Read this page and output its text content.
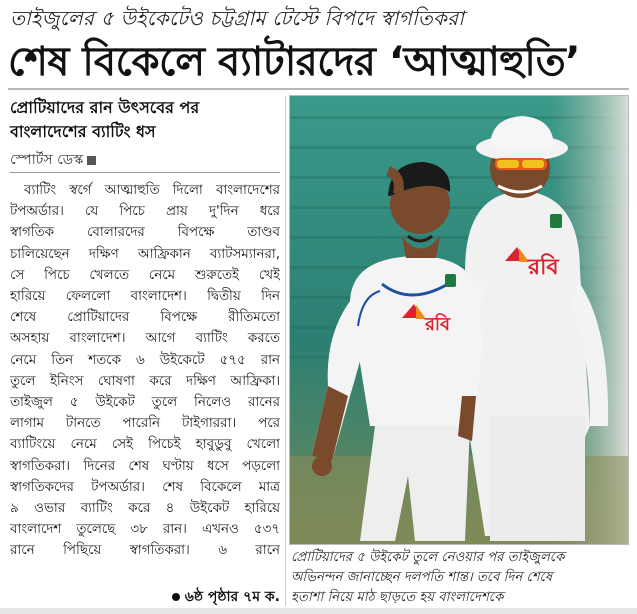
তাইজুলের ৫ উইকেটেও চট্টগ্রাম টেস্টে বিপদে স্বাগতিকরা
শেষ বিকেলে ব্যাটারদের ‘আত্মাহুতি’
প্রোটিয়াদের রান উৎসবের পর
বাংলাদেশের ব্যাটিং ধস
স্পোর্টস ডেস্ক
ব্যাটিং স্বর্গে আত্মাহুতি দিলো বাংলাদেশের
টপঅর্ডার। যে পিচে প্রায় দু'দিন ধরে
স্বাগতিক বোলারদের বিপক্ষে তাণ্ডব
চালিয়েছেন দক্ষিণ আফ্রিকান ব্যাটসম্যানরা,
সে পিচে খেলতে নেমে শুরুতেই খেই
হারিয়ে ফেললো বাংলাদেশ। দ্বিতীয় দিন
শেষে প্রোটিয়াদের বিপক্ষে রীতিমতো
অসহায় বাংলাদেশ। আগে ব্যাটিং করতে
নেমে তিন শতকে ৬ উইকেটে ৫৭৫ রান
তুলে ইনিংস ঘোষণা করে দক্ষিণ আফ্রিকা।
তাইজুল ৫ উইকেট তুলে নিলেও রানের
লাগাম টানতে পারেনি টাইগাররা। পরে
ব্যাটিংয়ে নেমে সেই পিচেই হাবুডুবু খেলো
স্বাগতিকরা। দিনের শেষ ঘণ্টায় ধসে পড়লো
স্বাগতিকদের টপঅর্ডার। শেষ বিকেলে মাত্র
৯ ওভার ব্যাটিং করে ৪ উইকেট হারিয়ে
বাংলাদেশ তুলেছে ৩৮ রান। এখনও ৫৩৭
রানে পিছিয়ে স্বাগতিকরা। ৬ রানে
৬ষ্ঠ পৃষ্ঠার ৭ম ক.
রবি
রবি
প্রোটিয়াদের ৫ উইকেট তুলে নেওয়ার পর তাইজুলকে
অভিনন্দন জানাচ্ছেন দলপতি শান্ত। তবে দিন শেষে
হতাশা নিয়ে মাঠ ছাড়তে হয় বাংলাদেশকে
